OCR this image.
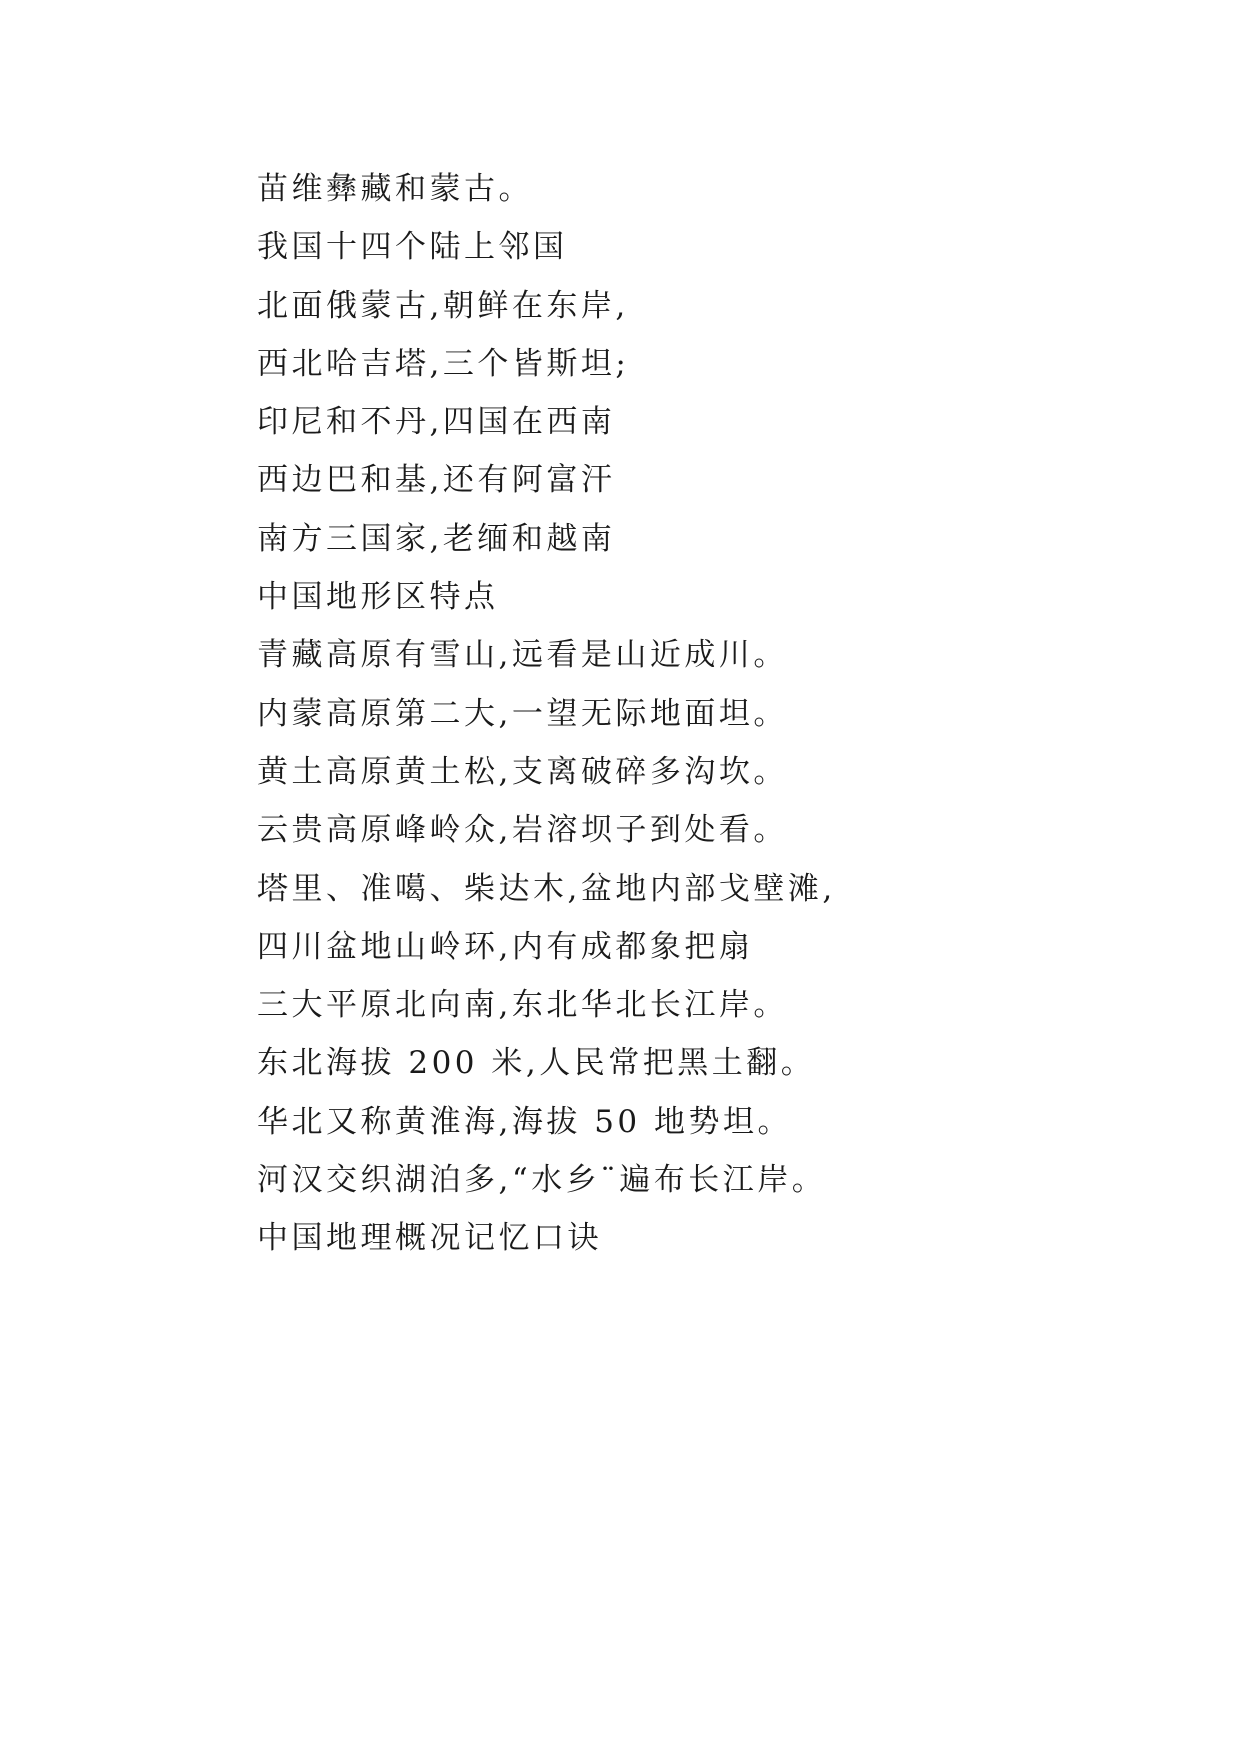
苗维彝藏和蒙古。
我国十四个陆上邻国
北面俄蒙古,朝鲜在东岸,
西北哈吉塔,三个皆斯坦;
印尼和不丹,四国在西南
西边巴和基,还有阿富汗
南方三国家,老缅和越南
中国地形区特点
青藏高原有雪山,远看是山近成川。
内蒙高原第二大,一望无际地面坦。
黄土高原黄土松,支离破碎多沟坎。
云贵高原峰岭众,岩溶坝子到处看。
塔里、准噶、柴达木,盆地内部戈壁滩,
四川盆地山岭环,内有成都象把扇
三大平原北向南,东北华北长江岸。
东北海拔 200 米,人民常把黑土翻。
华北又称黄淮海,海拔 50 地势坦。
河汉交织湖泊多,“水乡¨遍布长江岸。
中国地理概况记忆口诀
